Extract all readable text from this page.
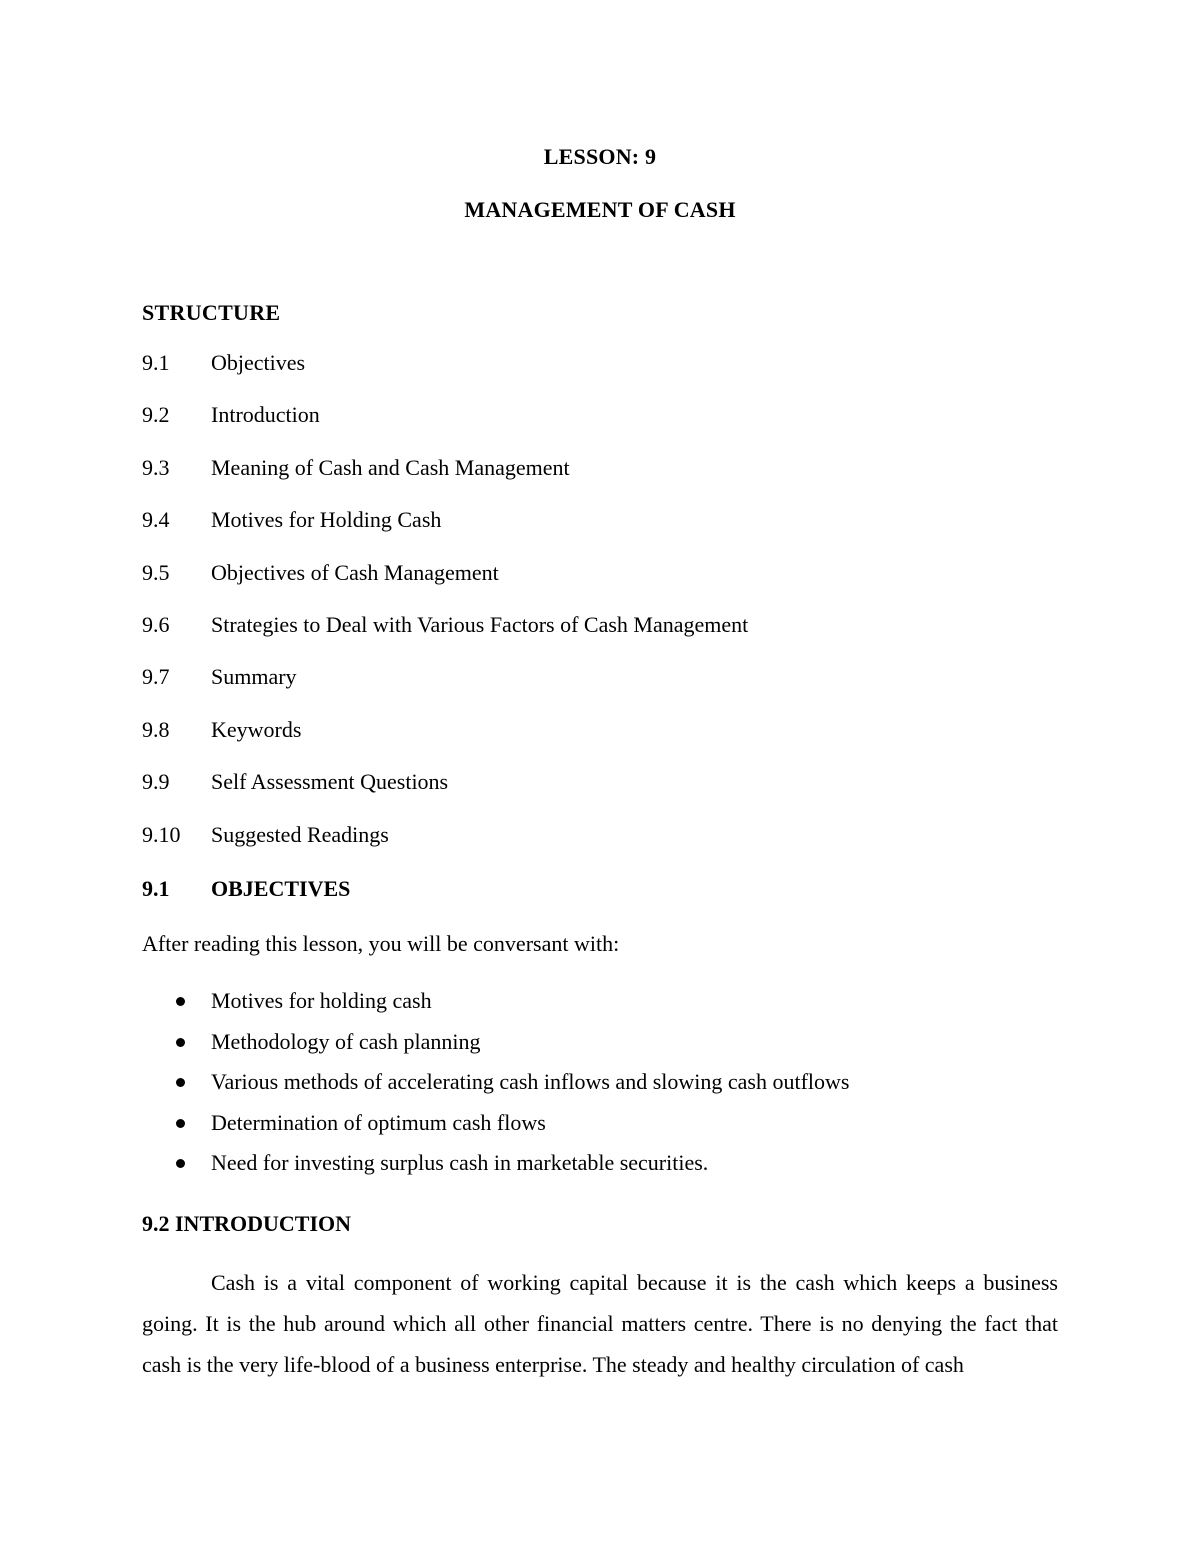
LESSON: 9
MANAGEMENT OF CASH
STRUCTURE
9.1	Objectives
9.2	Introduction
9.3	Meaning of Cash and Cash Management
9.4	Motives for Holding Cash
9.5	Objectives of Cash Management
9.6	Strategies to Deal with Various Factors of Cash Management
9.7	Summary
9.8	Keywords
9.9	Self Assessment Questions
9.10	Suggested Readings
9.1	OBJECTIVES
After reading this lesson, you will be conversant with:
Motives for holding cash
Methodology of cash planning
Various methods of accelerating cash inflows and slowing cash outflows
Determination of optimum cash flows
Need for investing surplus cash in marketable securities.
9.2 INTRODUCTION

Cash is a vital component of working capital because it is the cash which keeps a business going. It is the hub around which all other financial matters centre. There is no denying the fact that cash is the very life-blood of a business enterprise. The steady and healthy circulation of cash
